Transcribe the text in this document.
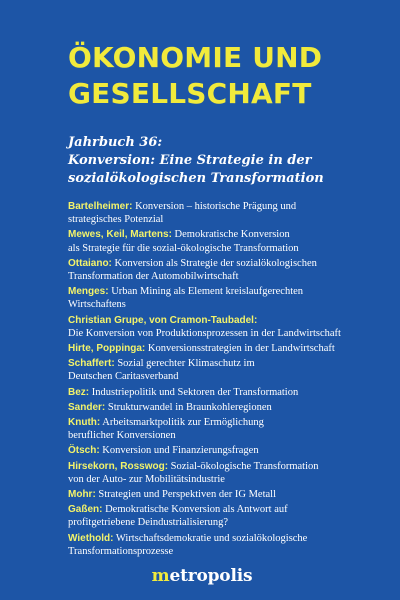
ÖKONOMIE UND
GESELLSCHAFT
Jahrbuch 36:
Konversion: Eine Strategie in der
sozialökologischen Transformation
Bartelheimer: Konversion – historische Prägung und
strategisches Potenzial
Mewes, Keil, Martens: Demokratische Konversion
als Strategie für die sozial-ökologische Transformation
Ottaiano: Konversion als Strategie der sozialökologischen
Transformation der Automobilwirtschaft
Menges: Urban Mining als Element kreislaufgerechten
Wirtschaftens
Christian Grupe, von Cramon-Taubadel:
Die Konversion von Produktionsprozessen in der Landwirtschaft
Hirte, Poppinga: Konversionsstrategien in der Landwirtschaft
Schaffert: Sozial gerechter Klimaschutz im
Deutschen Caritasverband
Bez: Industriepolitik und Sektoren der Transformation
Sander: Strukturwandel in Braunkohleregionen
Knuth: Arbeitsmarktpolitik zur Ermöglichung
beruflicher Konversionen
Ötsch: Konversion und Finanzierungsfragen
Hirsekorn, Rosswog: Sozial-ökologische Transformation
von der Auto- zur Mobilitätsindustrie
Mohr: Strategien und Perspektiven der IG Metall
Gaßen: Demokratische Konversion als Antwort auf
profitgetriebene Deindustrialisierung?
Wiethold: Wirtschaftsdemokratie und sozialökologische
Transformationsprozesse
metropolis
